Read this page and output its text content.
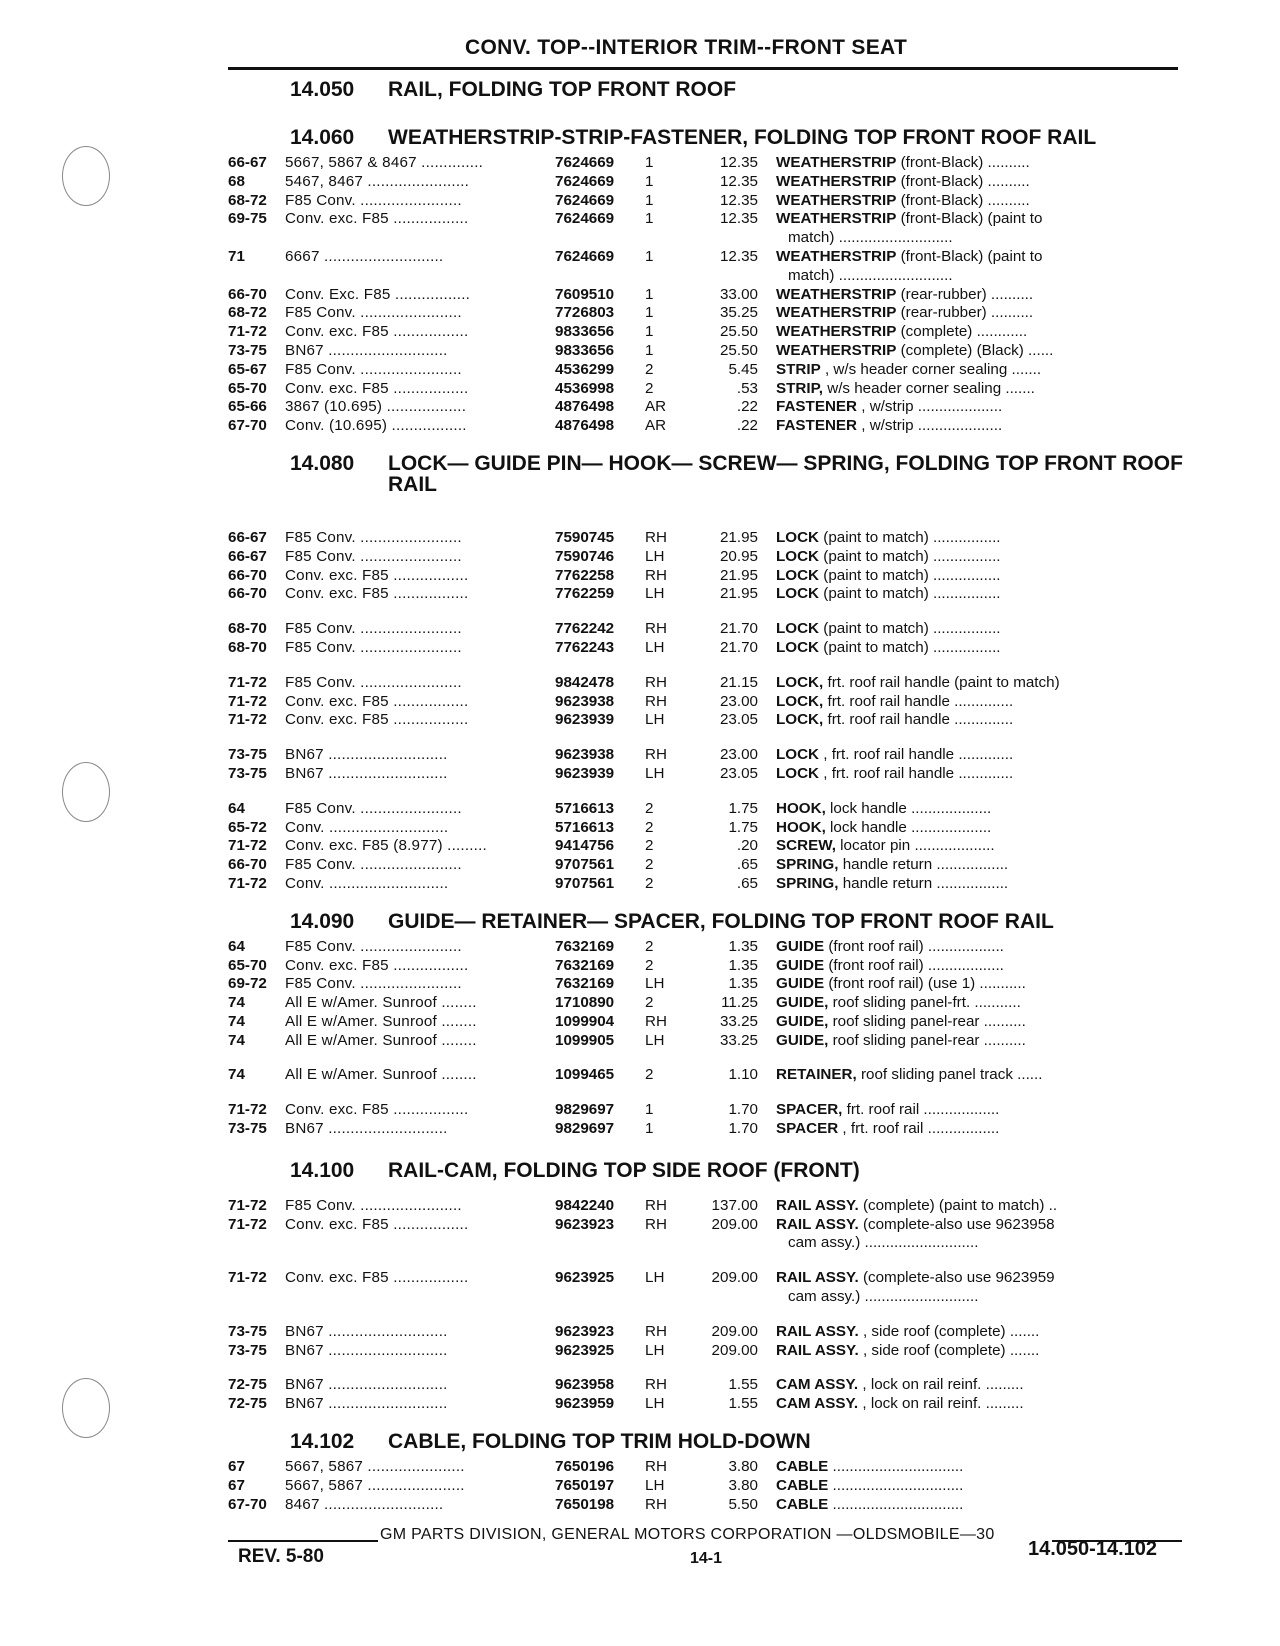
CONV. TOP--INTERIOR TRIM--FRONT SEAT
14.050	RAIL, FOLDING TOP FRONT ROOF
14.060	WEATHERSTRIP-STRIP-FASTENER, FOLDING TOP FRONT ROOF RAIL
66-67	5667, 5867 & 8467 ..............	7624669	1	12.35 WEATHERSTRIP (front-Black) ..........
68	5467, 8467 .......................	7624669	1	12.35 WEATHERSTRIP (front-Black) ..........
68-72	F85 Conv. .......................	7624669	1	12.35 WEATHERSTRIP (front-Black) ..........
69-75	Conv. exc. F85 .................	7624669	1	12.35 WEATHERSTRIP (front-Black) (paint to
match) ...........................
71	6667 ...........................	7624669	1	12.35 WEATHERSTRIP (front-Black) (paint to
match) ...........................
66-70	Conv. Exc. F85 .................	7609510	1	33.00 WEATHERSTRIP (rear-rubber) ..........
68-72	F85 Conv. .......................	7726803	1	35.25 WEATHERSTRIP (rear-rubber) ..........
71-72	Conv. exc. F85 .................	9833656	1	25.50 WEATHERSTRIP (complete) ............
73-75	BN67 ...........................	9833656	1	25.50 WEATHERSTRIP (complete) (Black) ......
65-67	F85 Conv. .......................	4536299	2	5.45 STRIP , w/s header corner sealing .......
65-70	Conv. exc. F85 .................	4536998	2	.53 STRIP, w/s header corner sealing .......
65-66	3867 (10.695) ..................	4876498	AR	.22 FASTENER , w/strip ....................
67-70	Conv. (10.695) .................	4876498	AR	.22 FASTENER , w/strip ....................
14.080	LOCK— GUIDE PIN— HOOK— SCREW— SPRING, FOLDING TOP FRONT ROOF RAIL
66-67	F85 Conv. .......................	7590745	RH	21.95 LOCK (paint to match) ................
66-67	F85 Conv. .......................	7590746	LH	20.95 LOCK (paint to match) ................
66-70	Conv. exc. F85 .................	7762258	RH	21.95 LOCK (paint to match) ................
66-70	Conv. exc. F85 .................	7762259	LH	21.95 LOCK (paint to match) ................
68-70	F85 Conv. .......................	7762242	RH	21.70 LOCK (paint to match) ................
68-70	F85 Conv. .......................	7762243	LH	21.70 LOCK (paint to match) ................
71-72	F85 Conv. .......................	9842478	RH	21.15 LOCK, frt. roof rail handle (paint to match)
71-72	Conv. exc. F85 .................	9623938	RH	23.00 LOCK, frt. roof rail handle ..............
71-72	Conv. exc. F85 .................	9623939	LH	23.05 LOCK, frt. roof rail handle ..............
73-75	BN67 ...........................	9623938	RH	23.00 LOCK , frt. roof rail handle .............
73-75	BN67 ...........................	9623939	LH	23.05 LOCK , frt. roof rail handle .............
64	F85 Conv. .......................	5716613	2	1.75 HOOK, lock handle ...................
65-72	Conv. ...........................	5716613	2	1.75 HOOK, lock handle ...................
71-72	Conv. exc. F85 (8.977) .........	9414756	2	.20 SCREW, locator pin ...................
66-70	F85 Conv. .......................	9707561	2	.65 SPRING, handle return .................
71-72	Conv. ...........................	9707561	2	.65 SPRING, handle return .................
14.090	GUIDE— RETAINER— SPACER, FOLDING TOP FRONT ROOF RAIL
64	F85 Conv. .......................	7632169	2	1.35 GUIDE (front roof rail) ..................
65-70	Conv. exc. F85 .................	7632169	2	1.35 GUIDE (front roof rail) ..................
69-72	F85 Conv. .......................	7632169	LH	1.35 GUIDE (front roof rail) (use 1) ...........
74	All E w/Amer. Sunroof ........	1710890	2	11.25 GUIDE, roof sliding panel-frt. ...........
74	All E w/Amer. Sunroof ........	1099904	RH	33.25 GUIDE, roof sliding panel-rear ..........
74	All E w/Amer. Sunroof ........	1099905	LH	33.25 GUIDE, roof sliding panel-rear ..........
74	All E w/Amer. Sunroof ........	1099465	2	1.10 RETAINER, roof sliding panel track ......
71-72	Conv. exc. F85 .................	9829697	1	1.70 SPACER, frt. roof rail ..................
73-75	BN67 ...........................	9829697	1	1.70 SPACER , frt. roof rail .................
14.100	RAIL-CAM, FOLDING TOP SIDE ROOF (FRONT)
71-72	F85 Conv. .......................	9842240	RH	137.00 RAIL ASSY. (complete) (paint to match) ..
71-72	Conv. exc. F85 .................	9623923	RH	209.00 RAIL ASSY. (complete-also use 9623958
cam assy.) ...........................
71-72	Conv. exc. F85 .................	9623925	LH	209.00 RAIL ASSY. (complete-also use 9623959
cam assy.) ...........................
73-75	BN67 ...........................	9623923	RH	209.00 RAIL ASSY. , side roof (complete) .......
73-75	BN67 ...........................	9623925	LH	209.00 RAIL ASSY. , side roof (complete) .......
72-75	BN67 ...........................	9623958	RH	1.55 CAM ASSY. , lock on rail reinf. .........
72-75	BN67 ...........................	9623959	LH	1.55 CAM ASSY. , lock on rail reinf. .........
14.102	CABLE, FOLDING TOP TRIM HOLD-DOWN
67	5667, 5867 ......................	7650196	RH	3.80 CABLE ...............................
67	5667, 5867 ......................	7650197	LH	3.80 CABLE ...............................
67-70	8467 ...........................	7650198	RH	5.50 CABLE ...............................
GM PARTS DIVISION, GENERAL MOTORS CORPORATION —OLDSMOBILE—30
REV. 5-80	14-1	14.050-14.102
